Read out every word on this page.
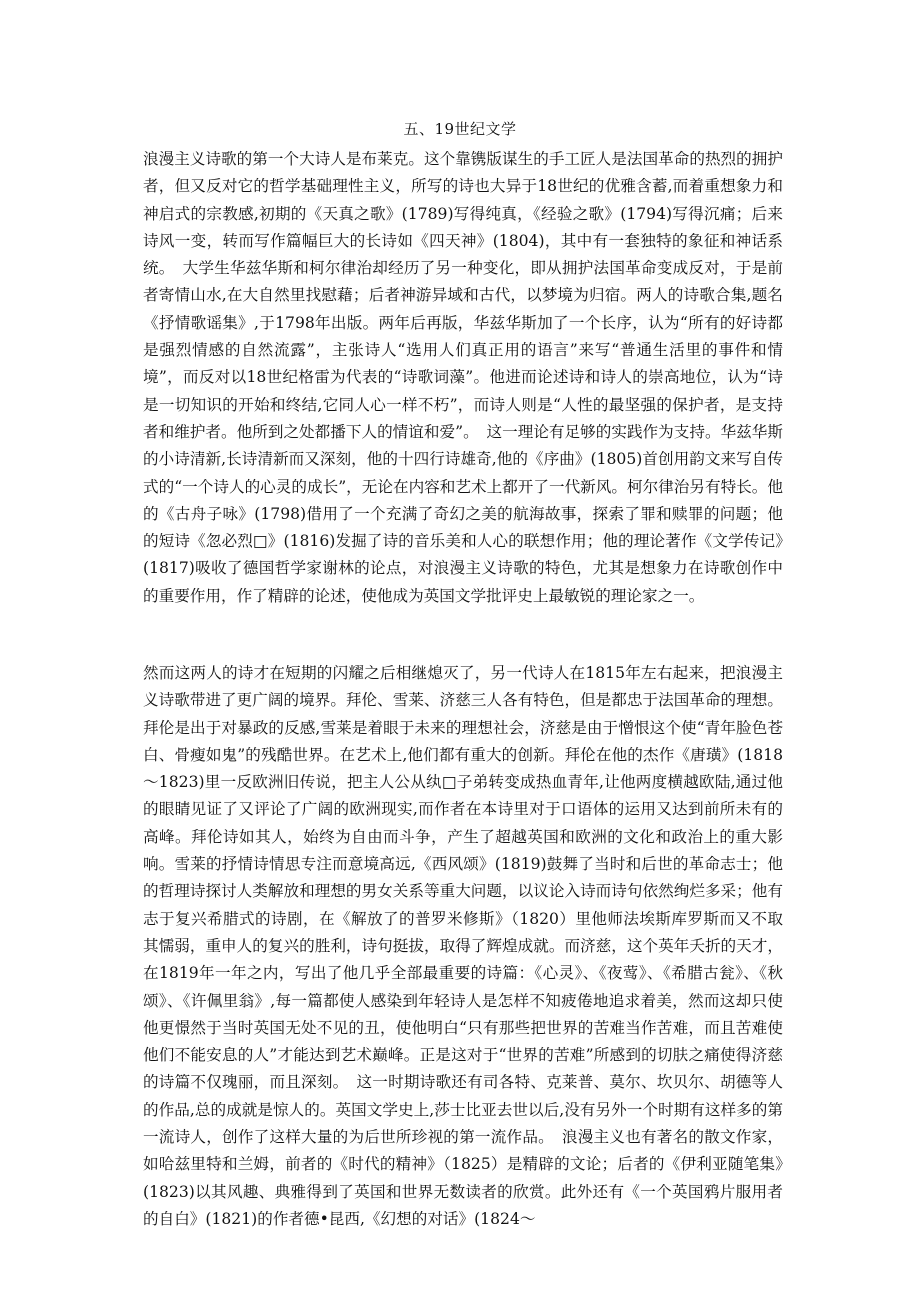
五、19世纪文学

浪漫主义诗歌的第一个大诗人是布莱克。这个靠镌版谋生的手工匠人是法国革命的热烈的拥护者，但又反对它的哲学基础理性主义，所写的诗也大异于18世纪的优雅含蓄,而着重想象力和神启式的宗教感,初期的《天真之歌》(1789)写得纯真，《经验之歌》(1794)写得沉痛；后来诗风一变，转而写作篇幅巨大的长诗如《四天神》(1804)，其中有一套独特的象征和神话系统。　大学生华兹华斯和柯尔律治却经历了另一种变化，即从拥护法国革命变成反对，于是前者寄情山水,在大自然里找慰藉；后者神游异域和古代，以梦境为归宿。两人的诗歌合集,题名《抒情歌谣集》,于1798年出版。两年后再版，华兹华斯加了一个长序，认为“所有的好诗都是强烈情感的自然流露”，主张诗人“选用人们真正用的语言”来写“普通生活里的事件和情境”，而反对以18世纪格雷为代表的“诗歌词藻”。他进而论述诗和诗人的崇高地位，认为“诗是一切知识的开始和终结,它同人心一样不朽”，而诗人则是“人性的最坚强的保护者，是支持者和维护者。他所到之处都播下人的情谊和爱”。　这一理论有足够的实践作为支持。华兹华斯的小诗清新,长诗清新而又深刻，他的十四行诗雄奇,他的《序曲》(1805)首创用韵文来写自传式的“一个诗人的心灵的成长”，无论在内容和艺术上都开了一代新风。柯尔律治另有特长。他的《古舟子咏》(1798)借用了一个充满了奇幻之美的航海故事，探索了罪和赎罪的问题；他的短诗《忽必烈□》(1816)发掘了诗的音乐美和人心的联想作用；他的理论著作《文学传记》(1817)吸收了德国哲学家谢林的论点，对浪漫主义诗歌的特色，尤其是想象力在诗歌创作中的重要作用，作了精辟的论述，使他成为英国文学批评史上最敏锐的理论家之一。

然而这两人的诗才在短期的闪耀之后相继熄灭了，另一代诗人在1815年左右起来，把浪漫主义诗歌带进了更广阔的境界。拜伦、雪莱、济慈三人各有特色，但是都忠于法国革命的理想。拜伦是出于对暴政的反感,雪莱是着眼于未来的理想社会，济慈是由于憎恨这个使“青年脸色苍白、骨瘦如鬼”的残酷世界。在艺术上,他们都有重大的创新。拜伦在他的杰作《唐璜》(1818～1823)里一反欧洲旧传说，把主人公从纨□子弟转变成热血青年,让他两度横越欧陆,通过他的眼睛见证了又评论了广阔的欧洲现实,而作者在本诗里对于口语体的运用又达到前所未有的高峰。拜伦诗如其人，始终为自由而斗争，产生了超越英国和欧洲的文化和政治上的重大影响。雪莱的抒情诗情思专注而意境高远,《西风颂》(1819)鼓舞了当时和后世的革命志士；他的哲理诗探讨人类解放和理想的男女关系等重大问题，以议论入诗而诗句依然绚烂多采；他有志于复兴希腊式的诗剧，在《解放了的普罗米修斯》（1820）里他师法埃斯库罗斯而又不取其懦弱，重申人的复兴的胜利，诗句挺拔，取得了辉煌成就。而济慈，这个英年夭折的天才，在1819年一年之内，写出了他几乎全部最重要的诗篇：《心灵》、《夜莺》、《希腊古瓮》、《秋颂》、《许佩里翁》,每一篇都使人感染到年轻诗人是怎样不知疲倦地追求着美，然而这却只使他更憬然于当时英国无处不见的丑，使他明白“只有那些把世界的苦难当作苦难，而且苦难使他们不能安息的人”才能达到艺术巅峰。正是这对于“世界的苦难”所感到的切肤之痛使得济慈的诗篇不仅瑰丽，而且深刻。　这一时期诗歌还有司各特、克莱普、莫尔、坎贝尔、胡德等人的作品,总的成就是惊人的。英国文学史上,莎士比亚去世以后,没有另外一个时期有这样多的第一流诗人，创作了这样大量的为后世所珍视的第一流作品。　浪漫主义也有著名的散文作家，如哈兹里特和兰姆，前者的《时代的精神》（1825）是精辟的文论；后者的《伊利亚随笔集》(1823)以其风趣、典雅得到了英国和世界无数读者的欣赏。此外还有《一个英国鸦片服用者的自白》(1821)的作者德•昆西,《幻想的对话》(1824～
